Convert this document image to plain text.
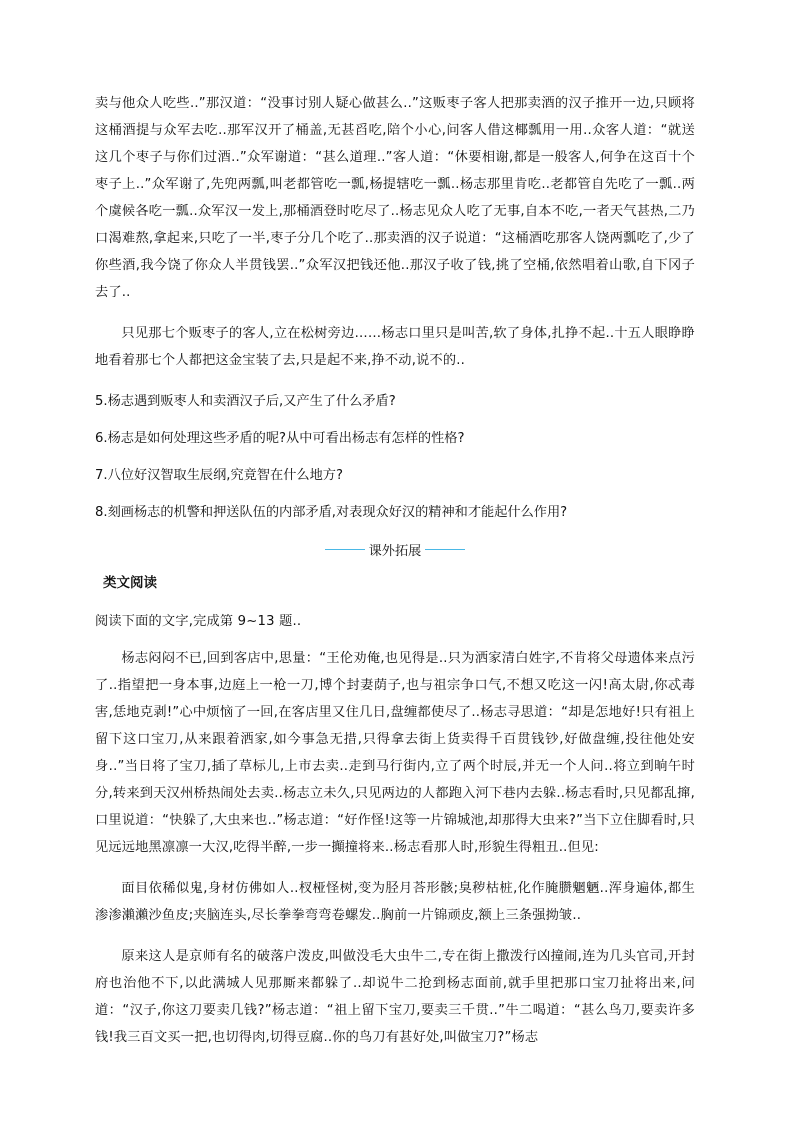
卖与他众人吃些..”那汉道：“没事讨别人疑心做甚么..”这贩枣子客人把那卖酒的汉子推开一边,只顾将这桶酒提与众军去吃..那军汉开了桶盖,无甚舀吃,陪个小心,问客人借这椰瓢用一用..众客人道：“就送这几个枣子与你们过酒..”众军谢道：“甚么道理..”客人道：“休要相谢,都是一般客人,何争在这百十个枣子上..”众军谢了,先兜两瓢,叫老都管吃一瓢,杨提辖吃一瓢..杨志那里肯吃..老都管自先吃了一瓢..两个虞候各吃一瓢..众军汉一发上,那桶酒登时吃尽了..杨志见众人吃了无事,自本不吃,一者天气甚热,二乃口渴难熬,拿起来,只吃了一半,枣子分几个吃了..那卖酒的汉子说道：“这桶酒吃那客人饶两瓢吃了,少了你些酒,我今饶了你众人半贯钱罢..”众军汉把钱还他..那汉子收了钱,挑了空桶,依然唱着山歌,自下冈子去了..

只见那七个贩枣子的客人,立在松树旁边……杨志口里只是叫苦,软了身体,扎挣不起..十五人眼睁睁地看着那七个人都把这金宝装了去,只是起不来,挣不动,说不的..

5.杨志遇到贩枣人和卖酒汉子后,又产生了什么矛盾?

6.杨志是如何处理这些矛盾的呢?从中可看出杨志有怎样的性格?

7.八位好汉智取生辰纲,究竟智在什么地方?

8.刻画杨志的机警和押送队伍的内部矛盾,对表现众好汉的精神和才能起什么作用?

课外拓展
类文阅读

阅读下面的文字,完成第 9~13 题..

杨志闷闷不已,回到客店中,思量：“王伦劝俺,也见得是..只为洒家清白姓字,不肯将父母遗体来点污了..指望把一身本事,边庭上一枪一刀,博个封妻荫子,也与祖宗争口气,不想又吃这一闪!高太尉,你忒毒害,恁地克剥!”心中烦恼了一回,在客店里又住几日,盘缠都使尽了..杨志寻思道：“却是怎地好!只有祖上留下这口宝刀,从来跟着洒家,如今事急无措,只得拿去街上货卖得千百贯钱钞,好做盘缠,投往他处安身..”当日将了宝刀,插了草标儿,上市去卖..走到马行街内,立了两个时辰,并无一个人问..将立到晌午时分,转来到天汉州桥热闹处去卖..杨志立未久,只见两边的人都跑入河下巷内去躲..杨志看时,只见都乱撺,口里说道：“快躲了,大虫来也..”杨志道：“好作怪!这等一片锦城池,却那得大虫来?”当下立住脚看时,只见远远地黑凛凛一大汉,吃得半醉,一步一攧撞将来..杨志看那人时,形貌生得粗丑..但见:

面目依稀似鬼,身材仿佛如人..杈桠怪树,变为胫月荅形骸;臭秽枯桩,化作腌臜魍魉..浑身遍体,都生渗渗瀨瀨沙鱼皮;夹脑连头,尽长拳拳弯弯卷螺发..胸前一片锦顽皮,额上三条强拗皱..

原来这人是京师有名的破落户泼皮,叫做没毛大虫牛二,专在街上撒泼行凶撞闹,连为几头官司,开封府也治他不下,以此满城人见那厮来都躲了..却说牛二抢到杨志面前,就手里把那口宝刀扯将出来,问道：“汉子,你这刀要卖几钱?”杨志道：“祖上留下宝刀,要卖三千贯..”牛二喝道：“甚么鸟刀,要卖许多钱!我三百文买一把,也切得肉,切得豆腐..你的鸟刀有甚好处,叫做宝刀?”杨志
